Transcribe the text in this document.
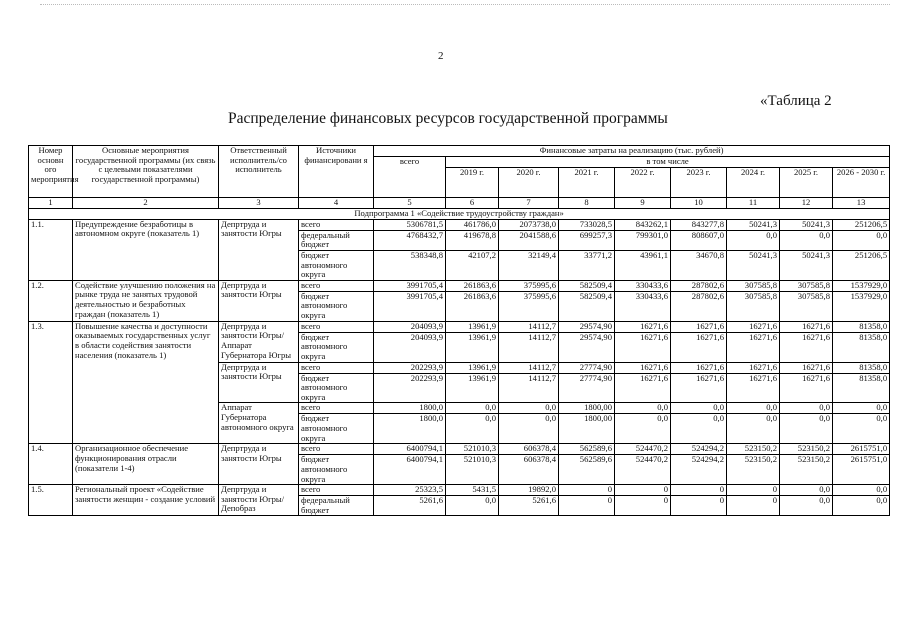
2
«Таблица 2
Распределение финансовых ресурсов государственной программы
Номер основн ого мероприятия	Основные мероприятия государственной программы (их связь с целевыми показателями государственной программы)	Ответственный исполнитель/со исполнитель	Источники финансировани я	Финансовые затраты на реализацию (тыс. рублей)								
				всего	в том числе							
					2019 г.	2020 г.	2021 г.	2022 г.	2023 г.	2024 г.	2025 г.	2026 - 2030 г.
1	2	3	4	5	6	7	8	9	10	11	12	13
Подпрограмма 1 «Содействие трудоустройству граждан»												
1.1.	Предупреждение безработицы в автономном округе (показатель 1)	Депртруда и занятости Югры	всего	5306781,5	461786,0	2073738,0	733028,5	843262,1	843277,8	50241,3	50241,3	251206,5
			федеральный бюджет	4768432,7	419678,8	2041588,6	699257,3	799301,0	808607,0	0,0	0,0	0,0
			бюджет автономного округа	538348,8	42107,2	32149,4	33771,2	43961,1	34670,8	50241,3	50241,3	251206,5
1.2.	Содействие улучшению положения на рынке труда не занятых трудовой деятельностью и безработных граждан (показатель 1)	Депртруда и занятости Югры	всего	3991705,4	261863,6	375995,6	582509,4	330433,6	287802,6	307585,8	307585,8	1537929,0
			бюджет автономного округа	3991705,4	261863,6	375995,6	582509,4	330433,6	287802,6	307585,8	307585,8	1537929,0
1.3.	Повышение качества и доступности оказываемых государственных услуг в области содействия занятости населения (показатель 1)	Депртруда и занятости Югры/ Аппарат Губернатора Югры	всего	204093,9	13961,9	14112,7	29574,90	16271,6	16271,6	16271,6	16271,6	81358,0
			бюджет автономного округа	204093,9	13961,9	14112,7	29574,90	16271,6	16271,6	16271,6	16271,6	81358,0
		Депртруда и занятости Югры	всего	202293,9	13961,9	14112,7	27774,90	16271,6	16271,6	16271,6	16271,6	81358,0
			бюджет автономного округа	202293,9	13961,9	14112,7	27774,90	16271,6	16271,6	16271,6	16271,6	81358,0
		Аппарат Губернатора автономного округа	всего	1800,0	0,0	0,0	1800,00	0,0	0,0	0,0	0,0	0,0
			бюджет автономного округа	1800,0	0,0	0,0	1800,00	0,0	0,0	0,0	0,0	0,0
1.4.	Организационное обеспечение функционирования отрасли (показатели 1-4)	Депртруда и занятости Югры	всего	6400794,1	521010,3	606378,4	562589,6	524470,2	524294,2	523150,2	523150,2	2615751,0
			бюджет автономного округа	6400794,1	521010,3	606378,4	562589,6	524470,2	524294,2	523150,2	523150,2	2615751,0
1.5.	Региональный проект «Содействие занятости женщин - создание условий	Депртруда и занятости Югры/Депобраз	всего	25323,5	5431,5	19892,0	0	0	0	0	0,0	0,0
			федеральный бюджет	5261,6	0,0	5261,6	0	0	0	0	0,0	0,0
